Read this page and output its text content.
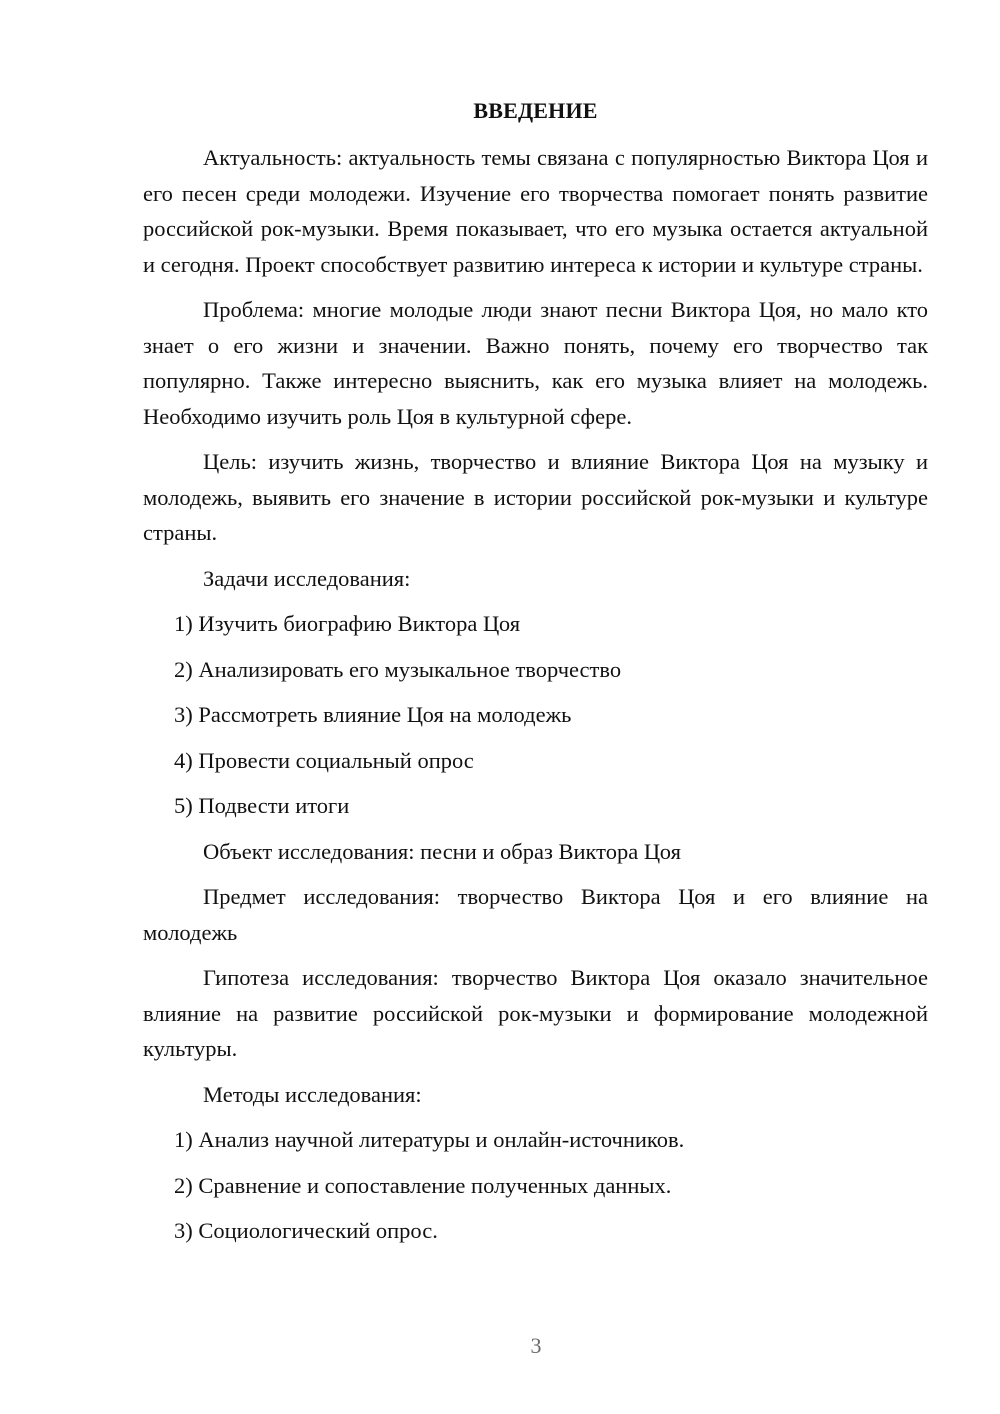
ВВЕДЕНИЕ

Актуальность: актуальность темы связана с популярностью Виктора Цоя и его песен среди молодежи. Изучение его творчества помогает понять развитие российской рок-музыки. Время показывает, что его музыка остается актуальной и сегодня. Проект способствует развитию интереса к истории и культуре страны.

Проблема: многие молодые люди знают песни Виктора Цоя, но мало кто знает о его жизни и значении. Важно понять, почему его творчество так популярно. Также интересно выяснить, как его музыка влияет на молодежь. Необходимо изучить роль Цоя в культурной сфере.

Цель: изучить жизнь, творчество и влияние Виктора Цоя на музыку и молодежь, выявить его значение в истории российской рок-музыки и культуре страны.

Задачи исследования:

1) Изучить биографию Виктора Цоя
2) Анализировать его музыкальное творчество
3) Рассмотреть влияние Цоя на молодежь
4) Провести социальный опрос
5) Подвести итоги

Объект исследования: песни и образ Виктора Цоя

Предмет исследования: творчество Виктора Цоя и его влияние на молодежь

Гипотеза исследования: творчество Виктора Цоя оказало значительное влияние на развитие российской рок-музыки и формирование молодежной культуры.

Методы исследования:

1) Анализ научной литературы и онлайн-источников.
2) Сравнение и сопоставление полученных данных.
3) Социологический опрос.
3
